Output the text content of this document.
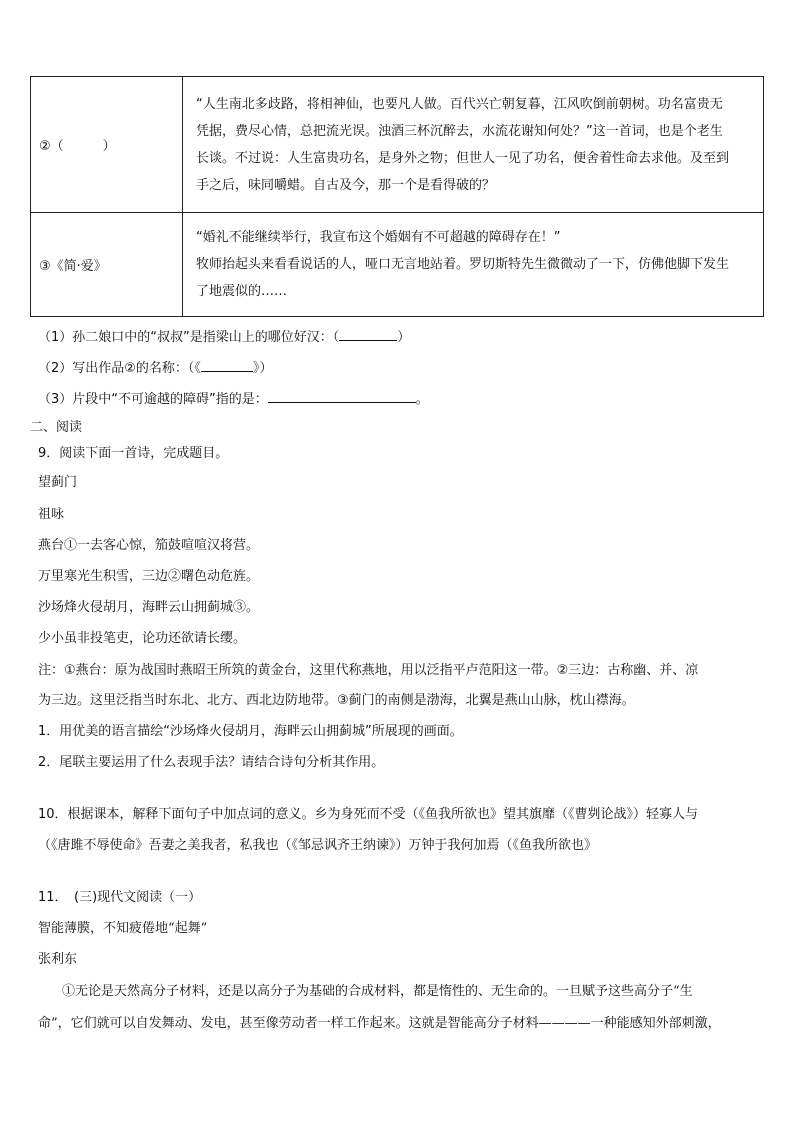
②（　　　）	“人生南北多歧路，将相神仙，也要凡人做。百代兴亡朝复暮，江风吹倒前朝树。功名富贵无
凭据，费尽心情，总把流光误。浊酒三杯沉醉去，水流花谢知何处？”这一首词，也是个老生
长谈。不过说：人生富贵功名，是身外之物；但世人一见了功名，便舍着性命去求他。及至到
手之后，味同嚼蜡。自古及今，那一个是看得破的？

③《简·爱》	“婚礼不能继续举行，我宣布这个婚姻有不可超越的障碍存在！”
牧师抬起头来看看说话的人，哑口无言地站着。罗切斯特先生微微动了一下，仿佛他脚下发生
了地震似的……
（1）孙二娘口中的“叔叔”是指梁山上的哪位好汉：（	）
（2）写出作品②的名称：（《	》）
（3）片段中“不可逾越的障碍”指的是：	。
二、阅读
9．阅读下面一首诗，完成题目。
望蓟门
祖咏
燕台①一去客心惊，笳鼓喧喧汉将营。
万里寒光生积雪，三边②曙色动危旌。
沙场烽火侵胡月，海畔云山拥蓟城③。
少小虽非投笔吏，论功还欲请长缨。
注：①燕台：原为战国时燕昭王所筑的黄金台，这里代称燕地，用以泛指平卢范阳这一带。②三边：古称幽、并、凉
为三边。这里泛指当时东北、北方、西北边防地带。③蓟门的南侧是渤海，北翼是燕山山脉，枕山襟海。
1．用优美的语言描绘“沙场烽火侵胡月，海畔云山拥蓟城”所展现的画面。
2．尾联主要运用了什么表现手法？请结合诗句分析其作用。
10．根据课本，解释下面句子中加点词的意义。乡为身死而不受（《鱼我所欲也》望其旗靡（《曹刿论战》）轻寡人与
（《唐雎不辱使命》吾妻之美我者，私我也（《邹忌讽齐王纳谏》）万钟于我何加焉（《鱼我所欲也》
11．　(三)现代文阅读（一）
智能薄膜，不知疲倦地“起舞”
张利东
①无论是天然高分子材料，还是以高分子为基础的合成材料，都是惰性的、无生命的。一旦赋予这些高分子“生
命”，它们就可以自发舞动、发电，甚至像劳动者一样工作起来。这就是智能高分子材料————一种能感知外部刺激，
